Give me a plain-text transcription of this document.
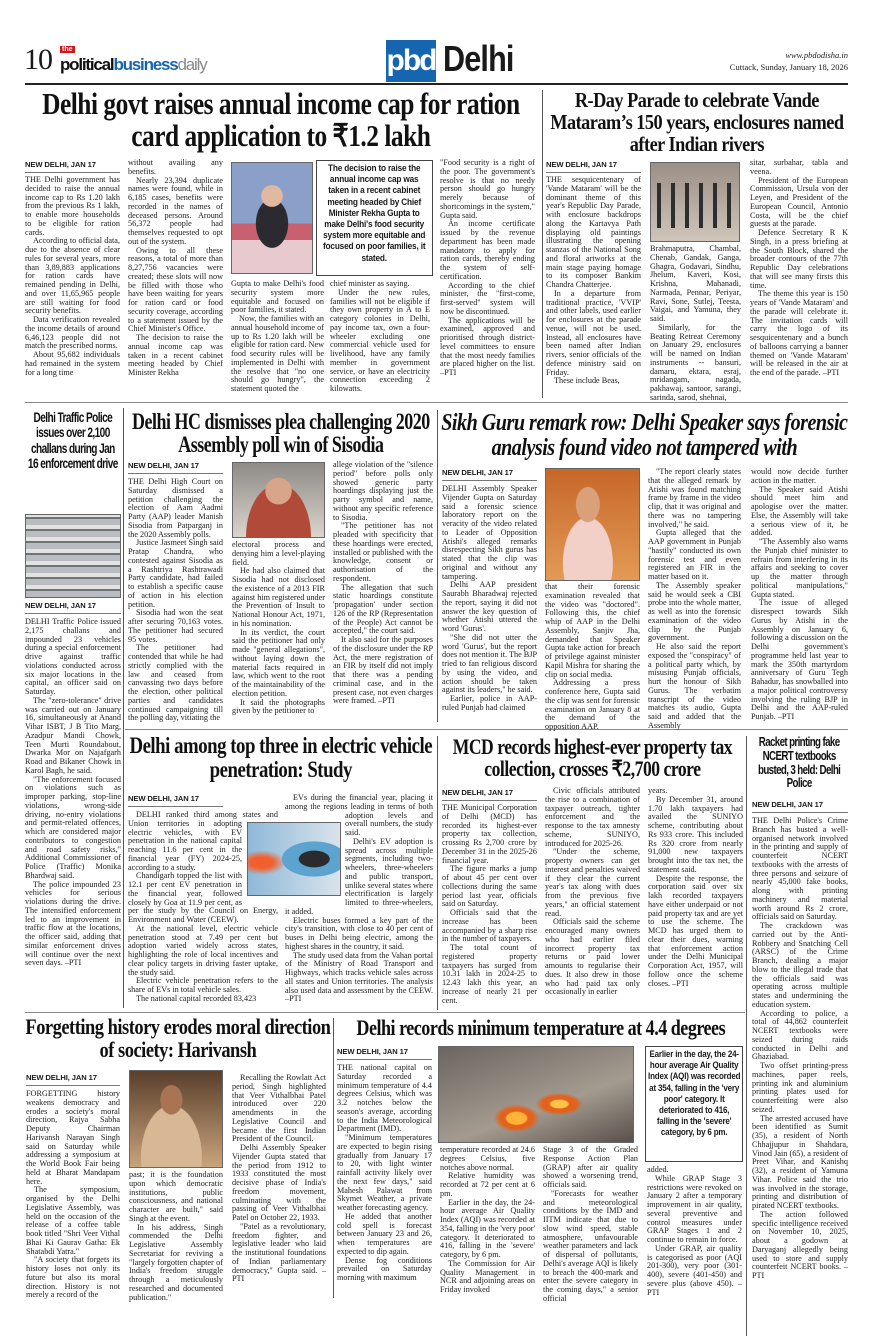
10 the
politicalbusinessdaily	pbd Delhi	www.pbdodisha.in
Cuttack, Sunday, January 18, 2026
Delhi govt raises annual income cap for ration card application to ₹1.2 lakh
NEW DELHI, JAN 17

THE Delhi government has decided to raise the annual income cap to Rs 1.20 lakh from the previous Rs 1 lakh, to enable more households to be eligible for ration cards.

According to official data, due to the absence of clear rules for several years, more than 3,89,883 applications for ration cards have remained pending in Delhi, and over 11,65,965 people are still waiting for food security benefits.

Data verification revealed the income details of around 6,46,123 people did not match the prescribed norms.

About 95,682 individuals had remained in the system for a long time

without availing any benefits.

Nearly 23,394 duplicate names were found, while in 6,185 cases, benefits were recorded in the names of deceased persons. Around 56,372 people had themselves requested to opt out of the system.

Owing to all these reasons, a total of more than 8,27,756 vacancies were created; these slots will now be filled with those who have been waiting for years for ration card or food security coverage, according to a statement issued by the Chief Minister's Office.

The decision to raise the annual income cap was taken in a recent cabinet meeting headed by Chief Minister Rekha

The decision to raise the annual income cap was taken in a recent cabinet meeting headed by Chief Minister Rekha Gupta to make Delhi's food security system more equitable and focused on poor families, it stated.

Gupta to make Delhi's food security system more equitable and focused on poor families, it stated.

Now, the families with an annual household income of up to Rs 1.20 lakh will be eligible for ration card. New food security rules will be implemented in Delhi with the resolve that "no one should go hungry", the statement quoted the

chief minister as saying.

Under the new rules, families will not be eligible if they own property in A to E category colonies in Delhi, pay income tax, own a four-wheeler excluding one commercial vehicle used for livelihood, have any family member in government service, or have an electricity connection exceeding 2 kilowatts.

"Food security is a right of the poor. The government's resolve is that no needy person should go hungry merely because of shortcomings in the system," Gupta said.

An income certificate issued by the revenue department has been made mandatory to apply for ration cards, thereby ending the system of self-certification.

According to the chief minister, the "first-come, first-served" system will now be discontinued.

The applications will be examined, approved and prioritised through district-level committees to ensure that the most needy families are placed higher on the list. –PTI

R-Day Parade to celebrate Vande Mataram’s 150 years, enclosures named after Indian rivers
NEW DELHI, JAN 17

THE sesquicentenary of 'Vande Mataram' will be the dominant theme of this year's Republic Day Parade, with enclosure backdrops along the Kartavya Path displaying old paintings illustrating the opening stanzas of the National Song and floral artworks at the main stage paying homage to its composer Bankim Chandra Chatterjee.

In a departure from traditional practice, 'VVIP' and other labels, used earlier for enclosures at the parade venue, will not be used. Instead, all enclosures have been named after Indian rivers, senior officials of the defence ministry said on Friday.

These include Beas,

Brahmaputra, Chambal, Chenab, Gandak, Ganga, Ghagra, Godavari, Sindhu, Jhelum, Kaveri, Kosi, Krishna, Mahanadi, Narmada, Pennar, Periyar, Ravi, Sone, Sutlej, Teesta, Vaigai, and Yamuna, they said.

Similarly, for the Beating Retreat Ceremony on January 29, enclosures will be named on Indian instruments -- bansuri, damaru, ektara, esraj, mridangam, nagada, pakhawaj, santoor, sarangi, sarinda, sarod, shehnai,

sitar, surbahar, tabla and veena.

President of the European Commission, Ursula von der Leyen, and President of the European Council, Antonio Costa, will be the chief guests at the parade.

Defence Secretary R K Singh, in a press briefing at the South Block, shared the broader contours of the 77th Republic Day celebrations that will see many firsts this time.

The theme this year is 150 years of 'Vande Mataram' and the parade will celebrate it. The invitation cards will carry the logo of its sesquicentenary and a bunch of balloons carrying a banner themed on 'Vande Mataram' will be released in the air at the end of the parade. –PTI

Delhi Traffic Police issues over 2,100 challans during Jan 16 enforcement drive
NEW DELHI, JAN 17

DELHI Traffic Police issued 2,175 challans and impounded 23 vehicles during a special enforcement drive against traffic violations conducted across six major locations in the capital, an officer said on Saturday.

The "zero-tolerance" drive was carried out on January 16, simultaneously at Anand Vihar ISBT, J B Tito Marg, Azadpur Mandi Chowk, Teen Murti Roundabout, Dwarka Mor on Najafgarh Road and Bikaner Chowk in Karol Bagh, he said.

"The enforcement focused on violations such as improper parking, stop-line violations, wrong-side driving, no-entry violations and permit-related offences, which are considered major contributors to congestion and road safety risks," Additional Commissioner of Police (Traffic) Monika Bhardwaj said.

The police impounded 23 vehicles for serious violations during the drive. The intensified enforcement led to an improvement in traffic flow at the locations, the officer said, adding that similar enforcement drives will continue over the next seven days. –PTI

Delhi HC dismisses plea challenging 2020 Assembly poll win of Sisodia
NEW DELHI, JAN 17

THE Delhi High Court on Saturday dismissed a petition challenging the election of Aam Aadmi Party (AAP) leader Manish Sisodia from Patparganj in the 2020 Assembly polls.

Justice Jasmeet Singh said Pratap Chandra, who contested against Sisodia as a Rashtriya Rashtrawadi Party candidate, had failed to establish a specific cause of action in his election petition.

Sisodia had won the seat after securing 70,163 votes. The petitioner had secured 95 votes.

The petitioner had contended that while he had strictly complied with the law and ceased from canvassing two days before the election, other political parties and candidates continued campaigning till the polling day, vitiating the

electoral process and denying him a level-playing field.

He had also claimed that Sisodia had not disclosed the existence of a 2013 FIR against him registered under the Prevention of Insult to National Honour Act, 1971, in his nomination.

In its verdict, the court said the petitioner had only made "general allegations", without laying down the material facts required in law, which went to the root of the maintainability of the election petition.

It said the photographs given by the petitioner to

allege violation of the "silence period" before polls only showed generic party hoardings displaying just the party symbol and name, without any specific reference to Sisodia.

"The petitioner has not pleaded with specificity that these hoardings were erected, installed or published with the knowledge, consent or authorisation of the respondent.

The allegation that such static hoardings constitute 'propagation' under section 126 of the RP (Representation of the People) Act cannot be accepted," the court said.

It also said for the purposes of the disclosure under the RP Act, the mere registration of an FIR by itself did not imply that there was a pending criminal case, and in the present case, not even charges were framed. –PTI

Sikh Guru remark row: Delhi Speaker says forensic analysis found video not tampered with
NEW DELHI, JAN 17

DELHI Assembly Speaker Vijender Gupta on Saturday said a forensic science laboratory report on the veracity of the video related to Leader of Opposition Atishi's alleged remarks disrespecting Sikh gurus has stated that the clip was original and without any tampering.

Delhi AAP president Saurabh Bharadwaj rejected the report, saying it did not answer the key question of whether Atishi uttered the word 'Gurus'.

"She did not utter the word 'Gurus', but the report does not mention it. The BJP tried to fan religious discord by using the video, and action should be taken against its leaders," he said.

Earlier, police in AAP-ruled Punjab had claimed

that their forensic examination revealed that the video was "doctored". Following this, the chief whip of AAP in the Delhi Assembly, Sanjiv Jha, demanded that Speaker Gupta take action for breach of privilege against minister Kapil Mishra for sharing the clip on social media.

Addressing a press conference here, Gupta said the clip was sent for forensic examination on January 8 at the demand of the opposition AAP.

"The report clearly states that the alleged remark by Atishi was found matching frame by frame in the video clip, that it was original and there was no tampering involved," he said.

Gupta alleged that the AAP government in Punjab "hastily" conducted its own forensic test and even registered an FIR in the matter based on it.

The Assembly speaker said he would seek a CBI probe into the whole matter, as well as into the forensic examination of the video clip by the Punjab government.

He also said the report exposed the "conspiracy" of a political party which, by misusing Punjab officials, hurt the honour of Sikh Gurus. The verbatim transcript of the video matches its audio, Gupta said and added that the Assembly

would now decide further action in the matter.

The Speaker said Atishi should meet him and apologise over the matter. Else, the Assembly will take a serious view of it, he added.

"The Assembly also warns the Punjab chief minister to refrain from interfering in its affairs and seeking to cover up the matter through political manipulations," Gupta stated.

The issue of alleged disrespect towards Sikh Gurus by Atishi in the Assembly on January 6, following a discussion on the Delhi government's programme held last year to mark the 350th martyrdom anniversary of Guru Tegh Bahadur, has snowballed into a major political controversy involving the ruling BJP in Delhi and the AAP-ruled Punjab. –PTI

Delhi among top three in electric vehicle penetration: Study
NEW DELHI, JAN 17

DELHI ranked third among states and Union territories in adopting electric vehicles, with EV penetration in the national capital reaching 11.6 per cent in the financial year (FY) 2024-25, according to a study.

Chandigarh topped the list with 12.1 per cent EV penetration in the financial year, followed closely by Goa at 11.9 per cent, as per the study by the Council on Energy, Environment and Water (CEEW).

At the national level, electric vehicle penetration stood at 7.49 per cent but adoption varied widely across states, highlighting the role of local incentives and clear policy targets in driving faster uptake, the study said.

Electric vehicle penetration refers to the share of EVs in total vehicle sales.

The national capital recorded 83,423

EVs during the financial year, placing it among the regions leading in terms of both adoption levels and overall numbers, the study said.

Delhi's EV adoption is spread across multiple segments, including two-wheelers, three-wheelers and public transport, unlike several states where electrification is largely limited to three-wheelers, it added.

Electric buses formed a key part of the city's transition, with close to 40 per cent of buses in Delhi being electric, among the highest shares in the country, it said.

The study used data from the Vahan portal of the Ministry of Road Transport and Highways, which tracks vehicle sales across all states and Union territories. The analysis also used data and assessment by the CEEW. –PTI

MCD records highest-ever property tax collection, crosses ₹2,700 crore
NEW DELHI, JAN 17

THE Municipal Corporation of Delhi (MCD) has recorded its highest-ever property tax collection, crossing Rs 2,700 crore by December 31 in the 2025-26 financial year.

The figure marks a jump of about 45 per cent over collections during the same period last year, officials said on Saturday.

Officials said that the increase has been accompanied by a sharp rise in the number of taxpayers.

The total count of registered property taxpayers has surged from 10.31 lakh in 2024-25 to 12.43 lakh this year, an increase of nearly 21 per cent.

Civic officials attributed the rise to a combination of taxpayer outreach, tighter enforcement and the response to the tax amnesty scheme, SUNIYO, introduced for 2025-26.

"Under the scheme, property owners can get interest and penalties waived if they clear the current year's tax along with dues from the previous five years," an official statement read.

Officials said the scheme encouraged many owners who had earlier filed incorrect property tax returns or paid lower amounts to regularise their dues. It also drew in those who had paid tax only occasionally in earlier

years.

By December 31, around 1.70 lakh taxpayers had availed the SUNIYO scheme, contributing about Rs 933 crore. This included Rs 320 crore from nearly 91,000 new taxpayers brought into the tax net, the statement said.

Despite the response, the corporation said over six lakh recorded taxpayers have either underpaid or not paid property tax and are yet to use the scheme. The MCD has urged them to clear their dues, warning that enforcement action under the Delhi Municipal Corporation Act, 1957, will follow once the scheme closes. –PTI

Racket printing fake NCERT textbooks busted, 3 held: Delhi Police
NEW DELHI, JAN 17

THE Delhi Police's Crime Branch has busted a well-organised network involved in the printing and supply of counterfeit NCERT textbooks with the arrests of three persons and seizure of nearly 45,000 fake books, along with printing machinery and material worth around Rs 2 crore, officials said on Saturday.

The crackdown was carried out by the Anti-Robbery and Snatching Cell (ARSC) of the Crime Branch, dealing a major blow to the illegal trade that the officials said was operating across multiple states and undermining the education system.

According to police, a total of 44,862 counterfeit NCERT textbooks were seized during raids conducted in Delhi and Ghaziabad.

Two offset printing-press machines, paper reels, printing ink and aluminium printing plates used for counterfeiting were also seized.

The arrested accused have been identified as Sumit (35), a resident of North Chhajjupur in Shahdara, Vinod Jain (65), a resident of Preet Vihar, and Kanishq (32), a resident of Yamuna Vihar. Police said the trio was involved in the storage, printing and distribution of pirated NCERT textbooks.

The action followed specific intelligence received on November 10, 2025, about a godown at Daryaganj allegedly being used to store and supply counterfeit NCERT books. –PTI

Forgetting history erodes moral direction of society: Harivansh
NEW DELHI, JAN 17

FORGETTING history weakens democracy and erodes a society's moral direction, Rajya Sabha Deputy Chairman Harivansh Narayan Singh said on Saturday while addressing a symposium at the World Book Fair being held at Bharat Mandapam here.

The symposium, organised by the Delhi Legislative Assembly, was held on the occasion of the release of a coffee table book titled "Shri Veer Vithal Bhai Ki Gaurav Gatha: Ek Shatabdi Yatra."

"A society that forgets its history loses not only its future but also its moral direction. History is not merely a record of the

past; it is the foundation upon which democratic institutions, public consciousness, and national character are built," said Singh at the event.

In his address, Singh commended the Delhi Legislative Assembly Secretariat for reviving a "largely forgotten chapter of India's freedom struggle through a meticulously researched and documented publication."

Recalling the Rowlatt Act period, Singh highlighted that Veer Vithalbhai Patel introduced over 220 amendments in the Legislative Council and became the first Indian President of the Council.

Delhi Assembly Speaker Vijender Gupta stated that the period from 1912 to 1933 constituted the most decisive phase of India's freedom movement, culminating with the passing of Veer Vithalbhai Patel on October 22, 1933.

"Patel as a revolutionary, freedom fighter, and legislative leader who laid the institutional foundations of Indian parliamentary democracy," Gupta said. –PTI

Delhi records minimum temperature at 4.4 degrees
NEW DELHI, JAN 17

THE national capital on Saturday recorded a minimum temperature of 4.4 degrees Celsius, which was 3.2 notches below the season's average, according to the India Meteorological Department (IMD).

"Minimum temperatures are expected to begin rising gradually from January 17 to 20, with light winter rainfall activity likely over the next few days," said Mahesh Palawat from Skymet Weather, a private weather forecasting agency.

He added that another cold spell is forecast between January 23 and 26, when temperatures are expected to dip again.

Dense fog conditions prevailed on Saturday morning with maximum

temperature recorded at 24.6 degrees Celsius, five notches above normal.

Relative humidity was recorded at 72 per cent at 6 pm.

Earlier in the day, the 24-hour average Air Quality Index (AQI) was recorded at 354, falling in the 'very poor' category. It deteriorated to 416, falling in the 'severe' category, by 6 pm.

The Commission for Air Quality Management in NCR and adjoining areas on Friday invoked

Stage 3 of the Graded Response Action Plan (GRAP) after air quality showed a worsening trend, officials said.

"Forecasts for weather and meteorological conditions by the IMD and IITM indicate that due to slow wind speed, stable atmosphere, unfavourable weather parameters and lack of dispersal of pollutants, Delhi's average AQI is likely to breach the 400-mark and enter the severe category in the coming days," a senior official

Earlier in the day, the 24-hour average Air Quality Index (AQI) was recorded at 354, falling in the 'very poor' category. It deteriorated to 416, falling in the 'severe' category, by 6 pm.

added.

While GRAP Stage 3 restrictions were revoked on January 2 after a temporary improvement in air quality, several preventive and control measures under GRAP Stages 1 and 2 continue to remain in force.

Under GRAP, air quality is categorised as poor (AQI 201-300), very poor (301-400), severe (401-450) and severe plus (above 450). –PTI
